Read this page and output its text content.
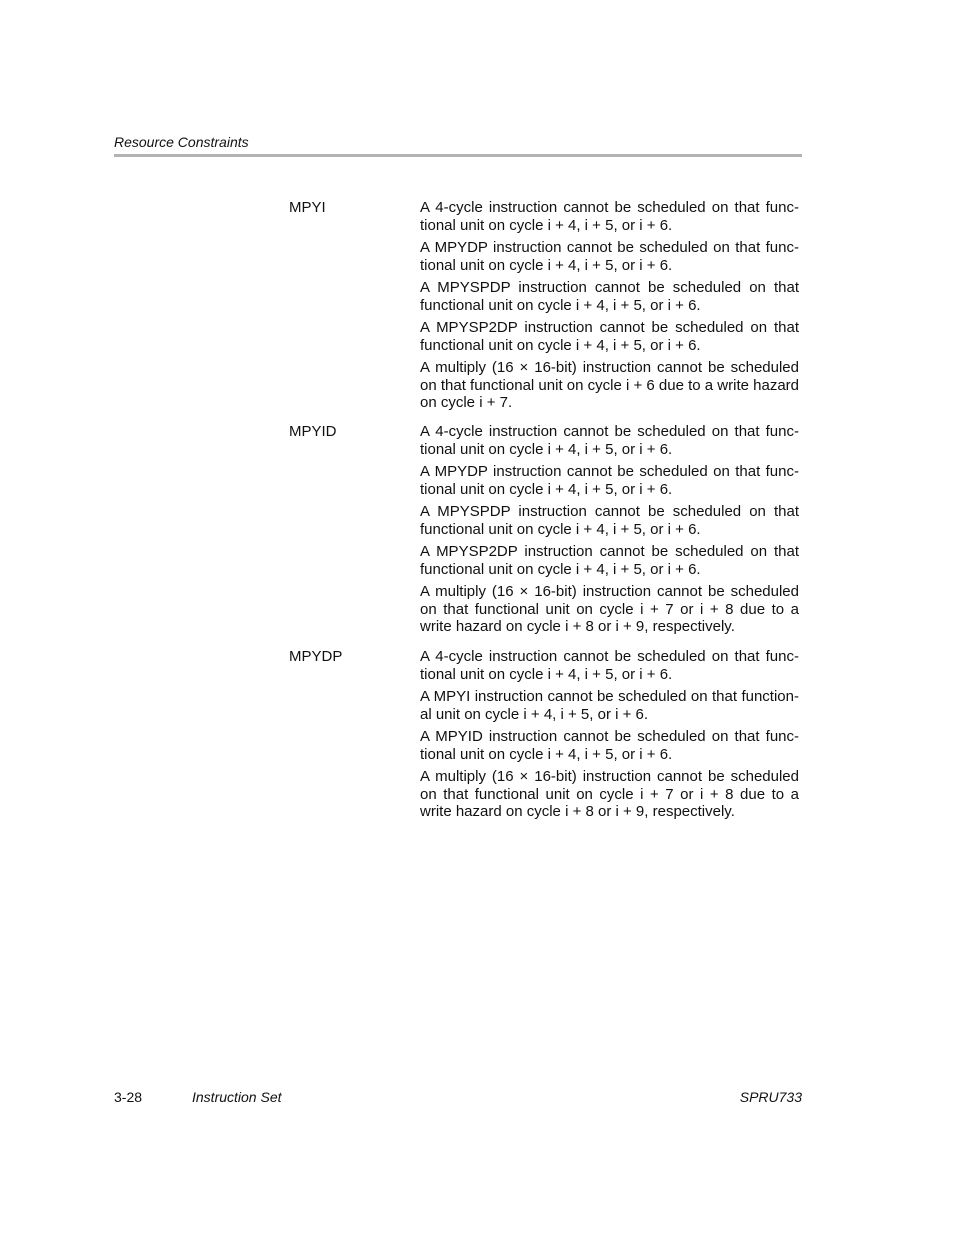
Resource Constraints
MPYI	A 4-cycle instruction cannot be scheduled on that func- tional unit on cycle i + 4, i + 5, or i + 6.

A MPYDP instruction cannot be scheduled on that func- tional unit on cycle i + 4, i + 5, or i + 6.

A MPYSPDP instruction cannot be scheduled on that functional unit on cycle i + 4, i + 5, or i + 6.

A MPYSP2DP instruction cannot be scheduled on that functional unit on cycle i + 4, i + 5, or i + 6.

A multiply (16 × 16-bit) instruction cannot be scheduled on that functional unit on cycle i + 6 due to a write hazard on cycle i + 7.

MPYID	A 4-cycle instruction cannot be scheduled on that func- tional unit on cycle i + 4, i + 5, or i + 6.

A MPYDP instruction cannot be scheduled on that func- tional unit on cycle i + 4, i + 5, or i + 6.

A MPYSPDP instruction cannot be scheduled on that functional unit on cycle i + 4, i + 5, or i + 6.

A MPYSP2DP instruction cannot be scheduled on that functional unit on cycle i + 4, i + 5, or i + 6.

A multiply (16 × 16-bit) instruction cannot be scheduled on that functional unit on cycle i + 7 or i + 8 due to a write hazard on cycle i + 8 or i + 9, respectively.

MPYDP	A 4-cycle instruction cannot be scheduled on that func- tional unit on cycle i + 4, i + 5, or i + 6.

A MPYI instruction cannot be scheduled on that function- al unit on cycle i + 4, i + 5, or i + 6.

A MPYID instruction cannot be scheduled on that func- tional unit on cycle i + 4, i + 5, or i + 6.

A multiply (16 × 16-bit) instruction cannot be scheduled on that functional unit on cycle i + 7 or i + 8 due to a write hazard on cycle i + 8 or i + 9, respectively.

3-28	Instruction Set	SPRU733
